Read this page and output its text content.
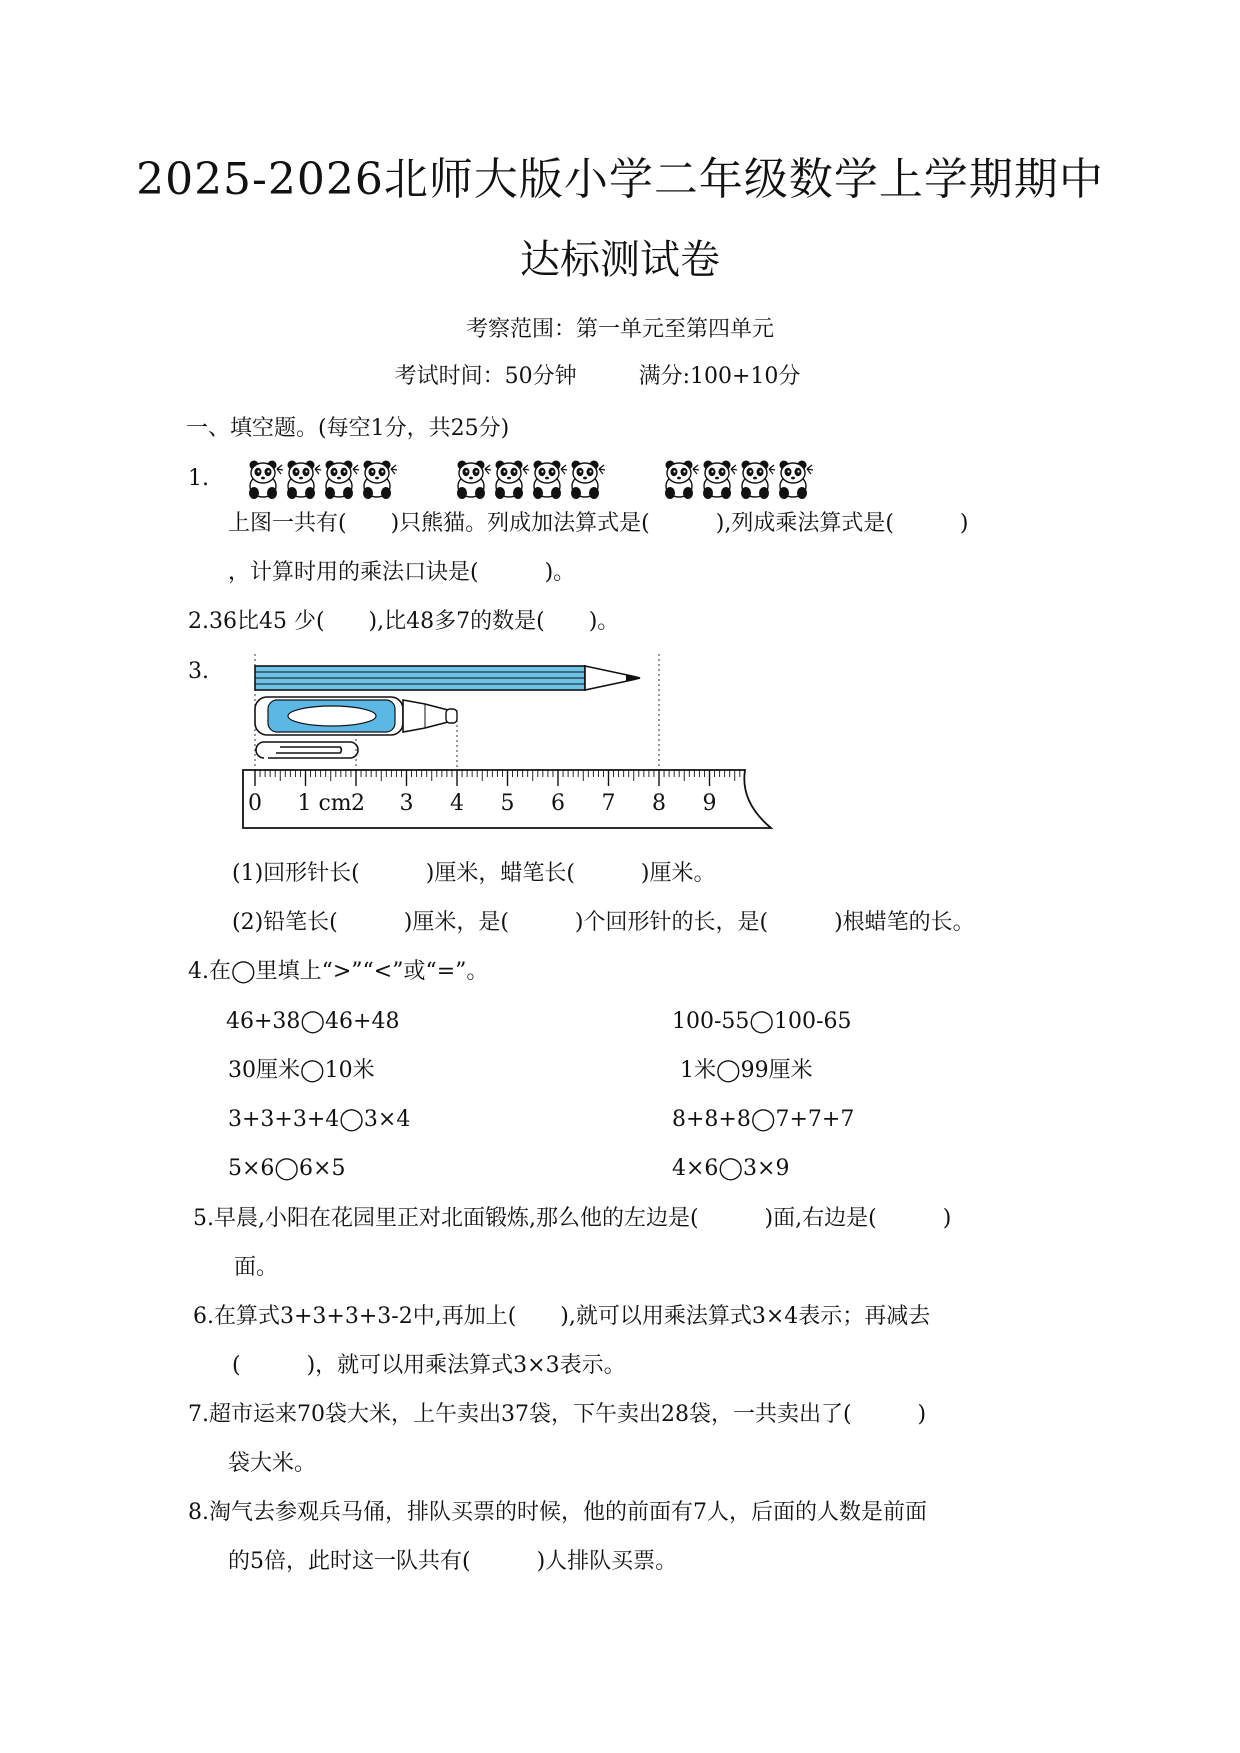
2025-2026北师大版小学二年级数学上学期期中
达标测试卷
考察范围：第一单元至第四单元
考试时间：50分钟	满分:100+10分
一、填空题。(每空1分，共25分)
1.
上图一共有(　　)只熊猫。列成加法算式是(　　　),列成乘法算式是(　　　)
，计算时用的乘法口诀是(　　　)。
2.36比45 少(　　),比48多7的数是(　　)。
3.
0 1 cm 2 3 4 5 6 7 8 9
(1)回形针长(　　　)厘米，蜡笔长(　　　)厘米。
(2)铅笔长(　　　)厘米，是(　　　)个回形针的长，是(　　　)根蜡笔的长。
4.在◯里填上“>”“<”或“=”。
46+38◯46+48	100-55◯100-65
30厘米◯10米	1米◯99厘米
3+3+3+4◯3×4	8+8+8◯7+7+7
5×6◯6×5	4×6◯3×9
5.早晨,小阳在花园里正对北面锻炼,那么他的左边是(　　　)面,右边是(　　　)
面。
6.在算式3+3+3+3-2中,再加上(　　),就可以用乘法算式3×4表示；再减去
(　　　)，就可以用乘法算式3×3表示。
7.超市运来70袋大米，上午卖出37袋，下午卖出28袋，一共卖出了(　　　)
袋大米。
8.淘气去参观兵马俑，排队买票的时候，他的前面有7人，后面的人数是前面
的5倍，此时这一队共有(　　　)人排队买票。
